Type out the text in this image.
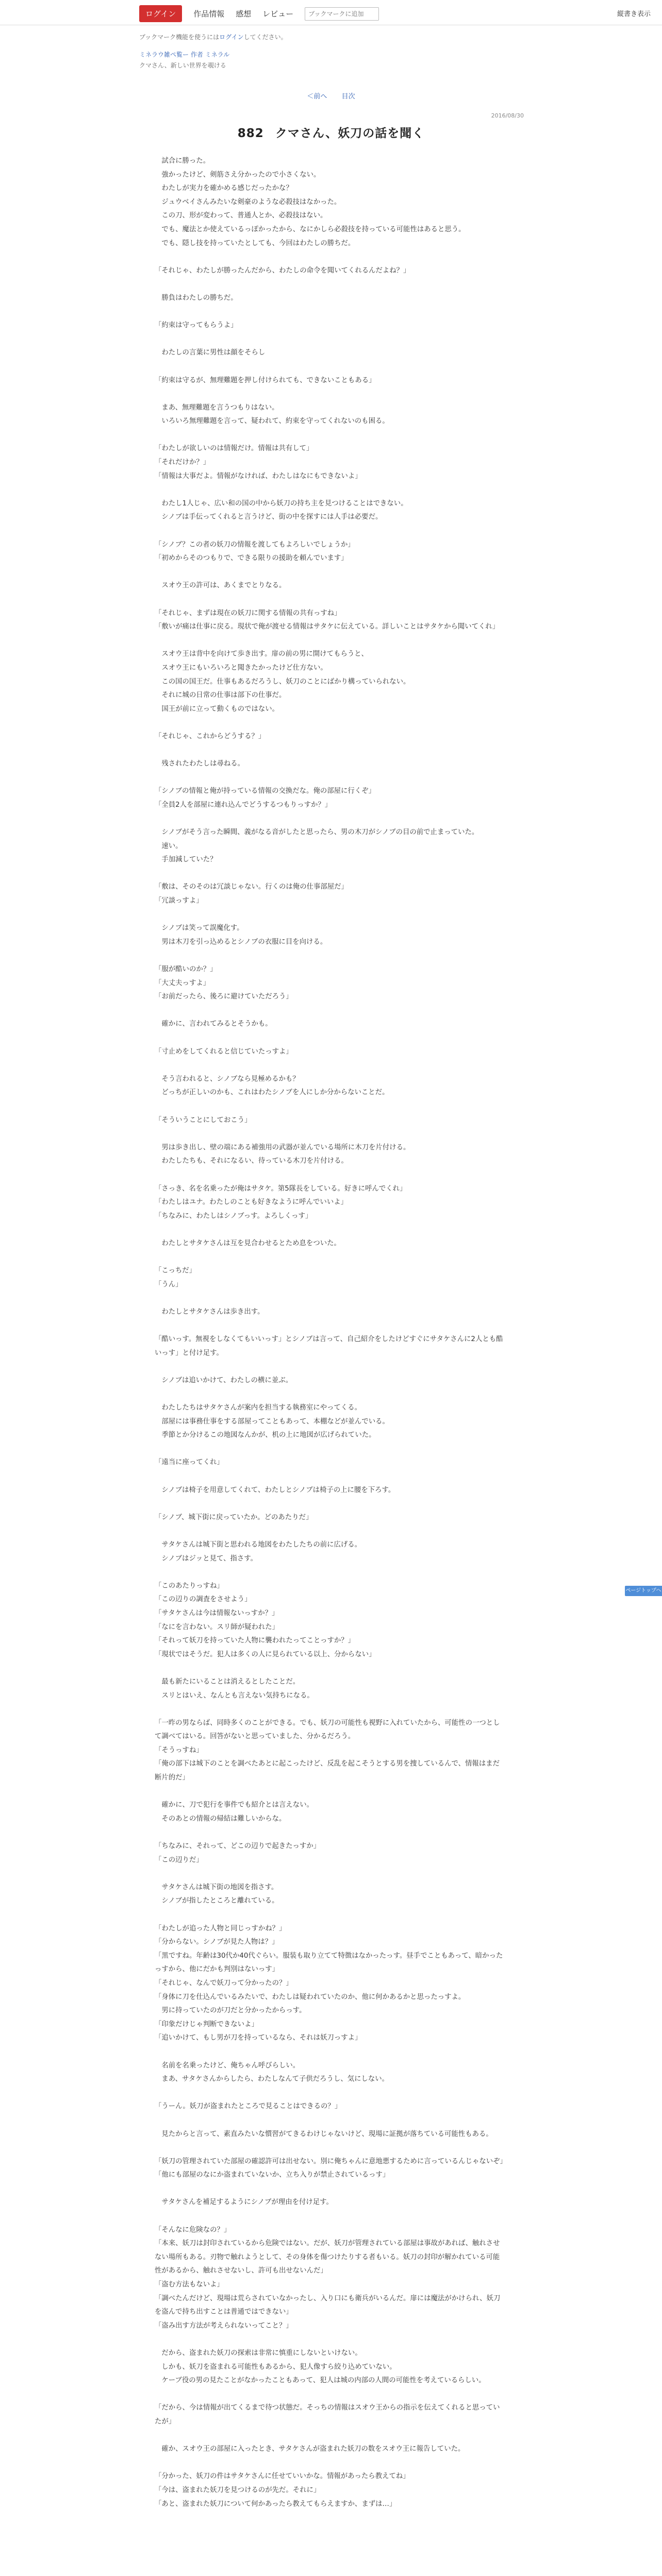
ログイン	作品情報 感想 レビュー
ブックマークに追加	縦書き表示
ブックマーク機能を使うにはログインしてください。
ミネラウ雑ぺ覧ー 作者 ミネラル
クマさん、新しい世界を覗ける
＜前へ 目次
2016/08/30
882 クマさん、妖刀の話を聞く

　試合に勝った。

　強かったけど、剣筋さえ分かったので小さくない。

　わたしが実力を確かめる感じだったかな？

　ジュウベイさんみたいな剣豪のような必殺技はなかった。

　この刀、形が変わって、普通人とか、必殺技はない。

　でも、魔法とか使えているっぽかったから、なにかしら必殺技を持っている可能性はあると思う。

　でも、隠し技を持っていたとしても、今回はわたしの勝ちだ。

「それじゃ、わたしが勝ったんだから、わたしの命令を聞いてくれるんだよね？」

　勝負はわたしの勝ちだ。

「約束は守ってもらうよ」

　わたしの言葉に男性は顔をそらし

「約束は守るが、無理難題を押し付けられても、できないこともある」

　まあ、無理難題を言うつもりはない。

　いろいろ無理難題を言って、疑われて、約束を守ってくれないのも困る。

「わたしが欲しいのは情報だけ。情報は共有して」

「それだけか？」

「情報は大事だよ。情報がなければ、わたしはなにもできないよ」

　わたし1人じゃ、広い和の国の中から妖刀の持ち主を見つけることはできない。

　シノブは手伝ってくれると言うけど、街の中を探すには人手は必要だ。

「シノブ？この者の妖刀の情報を渡してもよろしいでしょうか」

「初めからそのつもりで、できる限りの援助を頼んでいます」

　スオウ王の許可は、あくまでとりなる。

「それじゃ、まずは現在の妖刀に関する情報の共有っすね」

「敷いが痛は仕事に戻る。現状で俺が渡せる情報はサタケに伝えている。詳しいことはサタケから聞いてくれ」

　スオウ王は背中を向けて歩き出す。扉の前の男に開けてもらうと、

　スオウ王にもいろいろと聞きたかったけど仕方ない。

　この国の国王だ。仕事もあるだろうし、妖刀のことにばかり構っていられない。

　それに城の日常の仕事は部下の仕事だ。

　国王が前に立って動くものではない。

「それじゃ、これからどうする？」

　残されたわたしは尋ねる。

「シノブの情報と俺が持っている情報の交換だな。俺の部屋に行くぞ」

「全員2人を部屋に連れ込んでどうするつもりっすか？」

　シノブがそう言った瞬間、義がなる音がしたと思ったら、男の木刀がシノブの目の前で止まっていた。

　速い。

　手加減していた？

「敷は、そのそのは冗談じゃない。行くのは俺の仕事部屋だ」

「冗談っすよ」

　シノブは笑って誤魔化す。

　男は木刀を引っ込めるとシノブの衣服に目を向ける。

「服が酷いのか？」

「大丈夫っすよ」

「お前だったら、後ろに避けていただろう」

　確かに、言われてみるとそうかも。

「寸止めをしてくれると信じていたっすよ」

　そう言われると、シノブなら見極めるかも？

　どっちが正しいのかも、これはわたシノブを人にしか分からないことだ。

「そういうことにしておこう」

　男は歩き出し、壁の端にある補強用の武器が並んでいる場所に木刀を片付ける。

　わたしたちも、それになるい、待っている木刀を片付ける。

「さっき、名を名乗ったが俺はサタケ。第5隊長をしている。好きに呼んでくれ」

「わたしはユナ。わたしのことも好きなように呼んでいいよ」

「ちなみに、わたしはシノブっす。よろしくっす」

　わたしとサタケさんは互を見合わせるとため息をついた。

「こっちだ」

「うん」

　わたしとサタケさんは歩き出す。

「酷いっす。無視をしなくてもいいっす」とシノブは言って、自己紹介をしたけどすぐにサタケさんに2人とも酷いっす」と付け足す。

　シノブは追いかけて、わたしの横に並ぶ。

　わたしたちはサタケさんが案内を担当する執務室にやってくる。

　部屋には事務仕事をする部屋ってこともあって、本棚などが並んでいる。

　季節とか分けるこの地図なんかが、机の上に地図が広げられていた。

「遠当に座ってくれ」

　シノブは椅子を用意してくれて、わたしとシノブは椅子の上に腰を下ろす。

「シノブ、城下街に戻っていたか。どのあたりだ」

　サタケさんは城下街と思われる地図をわたしたちの前に広げる。

　シノブはジッと見て、指さす。

「このあたりっすね」

「この辺りの調査をさせよう」

「サタケさんは今は情報ないっすか？」

「なにを言わない。スリ師が疑われた」

「それって妖刀を持っていた人物に襲われたってことっすか？」

「現状ではそうだ。犯人は多くの人に見られている以上、分からない」

　最も新たにいることは消えるとしたことだ。

　スリとはいえ、なんとも言えない気持ちになる。

「一昨の男ならば、同時多くのことができる。でも、妖刀の可能性も視野に入れていたから、可能性の一つとして調べてはいる。回答がないと思っていました、分かるだろう。

「そうっすね」

「俺の部下は城下のことを調べたあとに起こったけど、反乱を起こそうとする男を捜しているんで、情報はまだ断片的だ」

　確かに、刀で犯行を事件でも紹介とは言えない。

　そのあとの情報の帰結は難しいからな。

「ちなみに、それって、どこの辺りで起きたっすか」

「この辺りだ」

　サタケさんは城下街の地図を指さす。

　シノブが指したところと離れている。

「わたしが追った人物と同じっすかね？」

「分からない。シノブが見た人物は？」

「黒ですね。年齢は30代か40代ぐらい。服装も取り立てて特徴はなかったっす。昼手でこともあって、暗かったっすから、他にだかも判別はないっす」

「それじゃ、なんで妖刀って分かったの？」

「身体に刀を仕込んでいるみたいで、わたしは疑われていたのか、他に何かあるかと思ったっすよ。

　男に持っていたのが刀だと分かったからっす。

「印象だけじゃ判断できないよ」

「追いかけて、もし男が刀を持っているなら、それは妖刀っすよ」

　名前を名乗ったけど、俺ちゃん呼びらしい。

　まあ、サタケさんからしたら、わたしなんて子供だろうし、気にしない。

「うーん。妖刀が盗まれたところで見ることはできるの？」

　見たからと言って、素直みたいな慣習がてきるわけじゃないけど、現場に証拠が落ちている可能性もある。

「妖刀の管理されていた部屋の確認許可は出せない。別に俺ちゃんに意地悪するために言っているんじゃないぞ」

「他にも部屋のなにか盗まれていないか、立ち入りが禁止されているっす」

　サタケさんを補足するようにシノブが理由を付け足す。

「そんなに危険なの？」

「本来、妖刀は封印されているから危険ではない。だが、妖刀が管理されている部屋は事故があれば、触れさせない場所もある。刃物で触れようとして、その身体を傷つけたりする者もいる。妖刀の封印が解かれている可能性があるから、触れさせないし、許可も出せないんだ」

「盗む方法もないよ」

「調べたんだけど、現場は荒らされていなかったし、入り口にも衛兵がいるんだ。扉には魔法がかけられ、妖刀を盗んで持ち出すことは普通ではできない」

「盗み出す方法が考えられないってこと？」

　だから、盗まれた妖刀の探索は非常に慎重にしないといけない。

　しかも、妖刀を盗まれる可能性もあるから、犯人像すら絞り込めていない。

　ケーブ役の男の見たことがなかったこともあって、犯人は城の内部の人間の可能性を考えているらしい。

「だから、今は情報が出てくるまで待つ状態だ。そっちの情報はスオウ王からの指示を伝えてくれると思っていたが」

　確か、スオウ王の部屋に入ったとき、サタケさんが盗まれた妖刀の数をスオウ王に報告していた。

「分かった、妖刀の件はサタケさんに任せていいかな。情報があったら教えてね」

「今は、盗まれた妖刀を見つけるのが先だ。それに」

「あと、盗まれた妖刀について何かあったら教えてもらえますか、まずは…」

ページトップへ
